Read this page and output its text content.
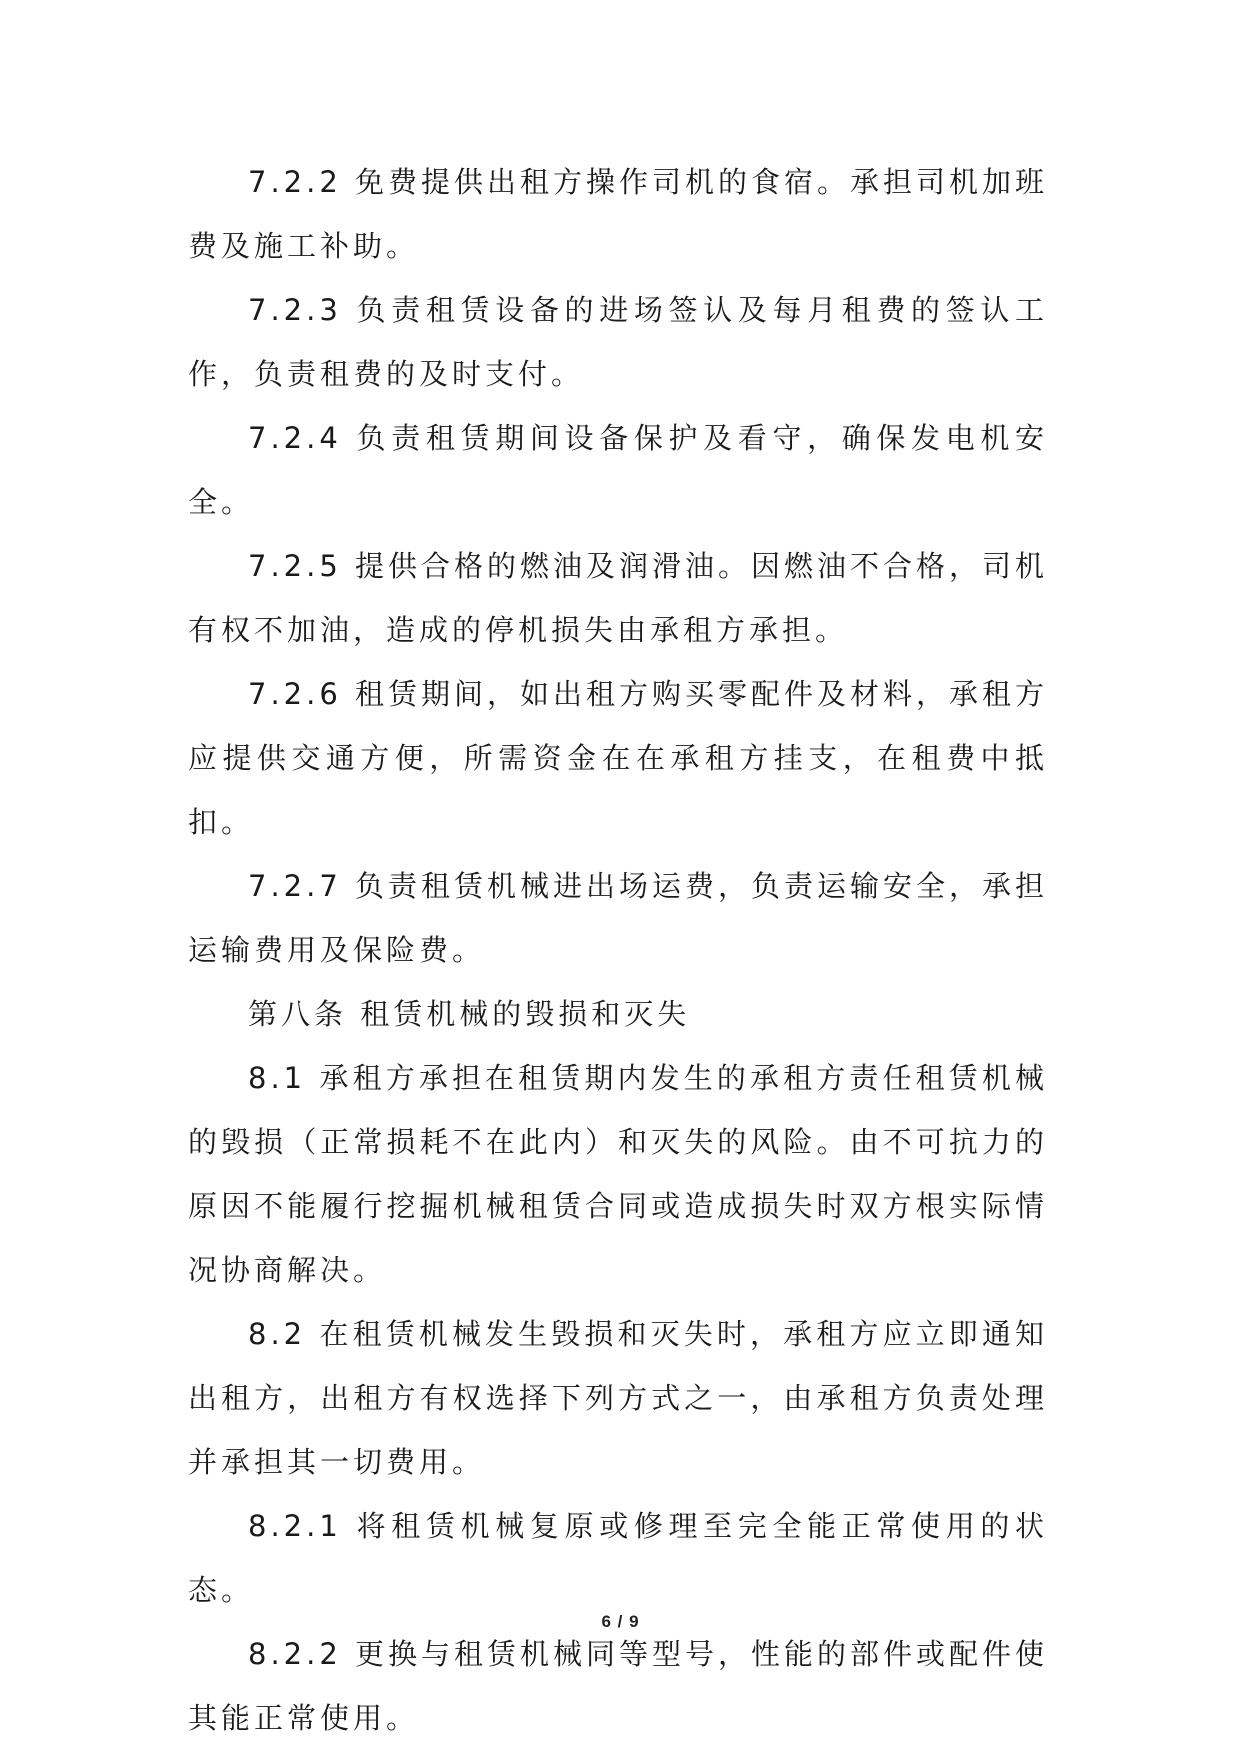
7.2.2 免费提供出租方操作司机的食宿。承担司机加班费及施工补助。

7.2.3 负责租赁设备的进场签认及每月租费的签认工作，负责租费的及时支付。

7.2.4 负责租赁期间设备保护及看守，确保发电机安全。

7.2.5 提供合格的燃油及润滑油。因燃油不合格，司机有权不加油，造成的停机损失由承租方承担。

7.2.6 租赁期间，如出租方购买零配件及材料，承租方应提供交通方便，所需资金在在承租方挂支，在租费中抵扣。

7.2.7 负责租赁机械进出场运费，负责运输安全，承担运输费用及保险费。

第八条 租赁机械的毁损和灭失

8.1 承租方承担在租赁期内发生的承租方责任租赁机械的毁损（正常损耗不在此内）和灭失的风险。由不可抗力的原因不能履行挖掘机械租赁合同或造成损失时双方根实际情况协商解决。

8.2 在租赁机械发生毁损和灭失时，承租方应立即通知出租方，出租方有权选择下列方式之一，由承租方负责处理并承担其一切费用。

8.2.1 将租赁机械复原或修理至完全能正常使用的状态。

8.2.2 更换与租赁机械同等型号，性能的部件或配件使其能正常使用。

6 / 9
